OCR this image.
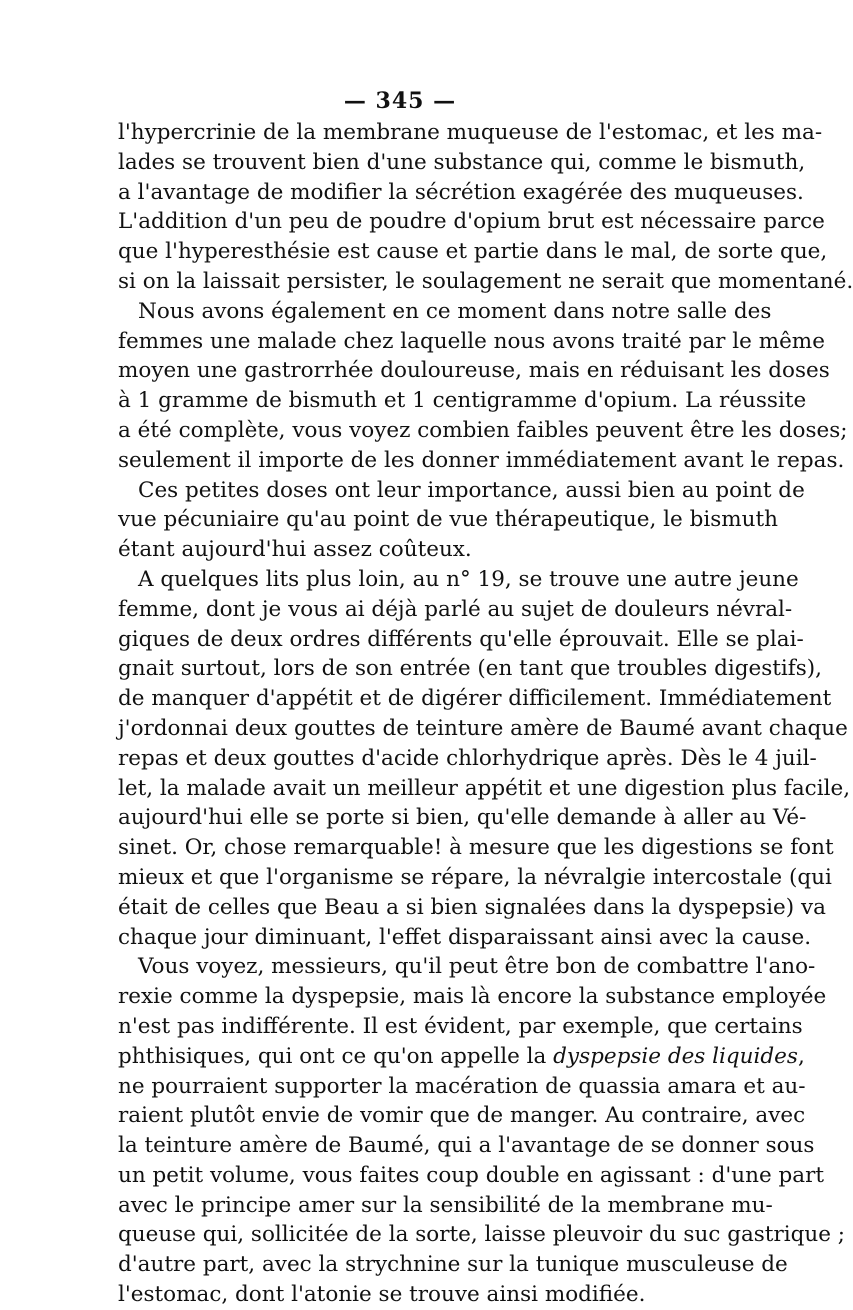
— 345 —
l'hypercrinie de la membrane muqueuse de l'estomac, et les ma-
lades se trouvent bien d'une substance qui, comme le bismuth,
a l'avantage de modifier la sécrétion exagérée des muqueuses.
L'addition d'un peu de poudre d'opium brut est nécessaire parce
que l'hyperesthésie est cause et partie dans le mal, de sorte que,
si on la laissait persister, le soulagement ne serait que momentané.
Nous avons également en ce moment dans notre salle des
femmes une malade chez laquelle nous avons traité par le même
moyen une gastrorrhée douloureuse, mais en réduisant les doses
à 1 gramme de bismuth et 1 centigramme d'opium. La réussite
a été complète, vous voyez combien faibles peuvent être les doses;
seulement il importe de les donner immédiatement avant le repas.
Ces petites doses ont leur importance, aussi bien au point de
vue pécuniaire qu'au point de vue thérapeutique, le bismuth
étant aujourd'hui assez coûteux.
A quelques lits plus loin, au n° 19, se trouve une autre jeune
femme, dont je vous ai déjà parlé au sujet de douleurs névral-
giques de deux ordres différents qu'elle éprouvait. Elle se plai-
gnait surtout, lors de son entrée (en tant que troubles digestifs),
de manquer d'appétit et de digérer difficilement. Immédiatement
j'ordonnai deux gouttes de teinture amère de Baumé avant chaque
repas et deux gouttes d'acide chlorhydrique après. Dès le 4 juil-
let, la malade avait un meilleur appétit et une digestion plus facile,
aujourd'hui elle se porte si bien, qu'elle demande à aller au Vé-
sinet. Or, chose remarquable! à mesure que les digestions se font
mieux et que l'organisme se répare, la névralgie intercostale (qui
était de celles que Beau a si bien signalées dans la dyspepsie) va
chaque jour diminuant, l'effet disparaissant ainsi avec la cause.
Vous voyez, messieurs, qu'il peut être bon de combattre l'ano-
rexie comme la dyspepsie, mais là encore la substance employée
n'est pas indifférente. Il est évident, par exemple, que certains
phthisiques, qui ont ce qu'on appelle la dyspepsie des liquides,
ne pourraient supporter la macération de quassia amara et au-
raient plutôt envie de vomir que de manger. Au contraire, avec
la teinture amère de Baumé, qui a l'avantage de se donner sous
un petit volume, vous faites coup double en agissant : d'une part
avec le principe amer sur la sensibilité de la membrane mu-
queuse qui, sollicitée de la sorte, laisse pleuvoir du suc gastrique ;
d'autre part, avec la strychnine sur la tunique musculeuse de
l'estomac, dont l'atonie se trouve ainsi modifiée.
